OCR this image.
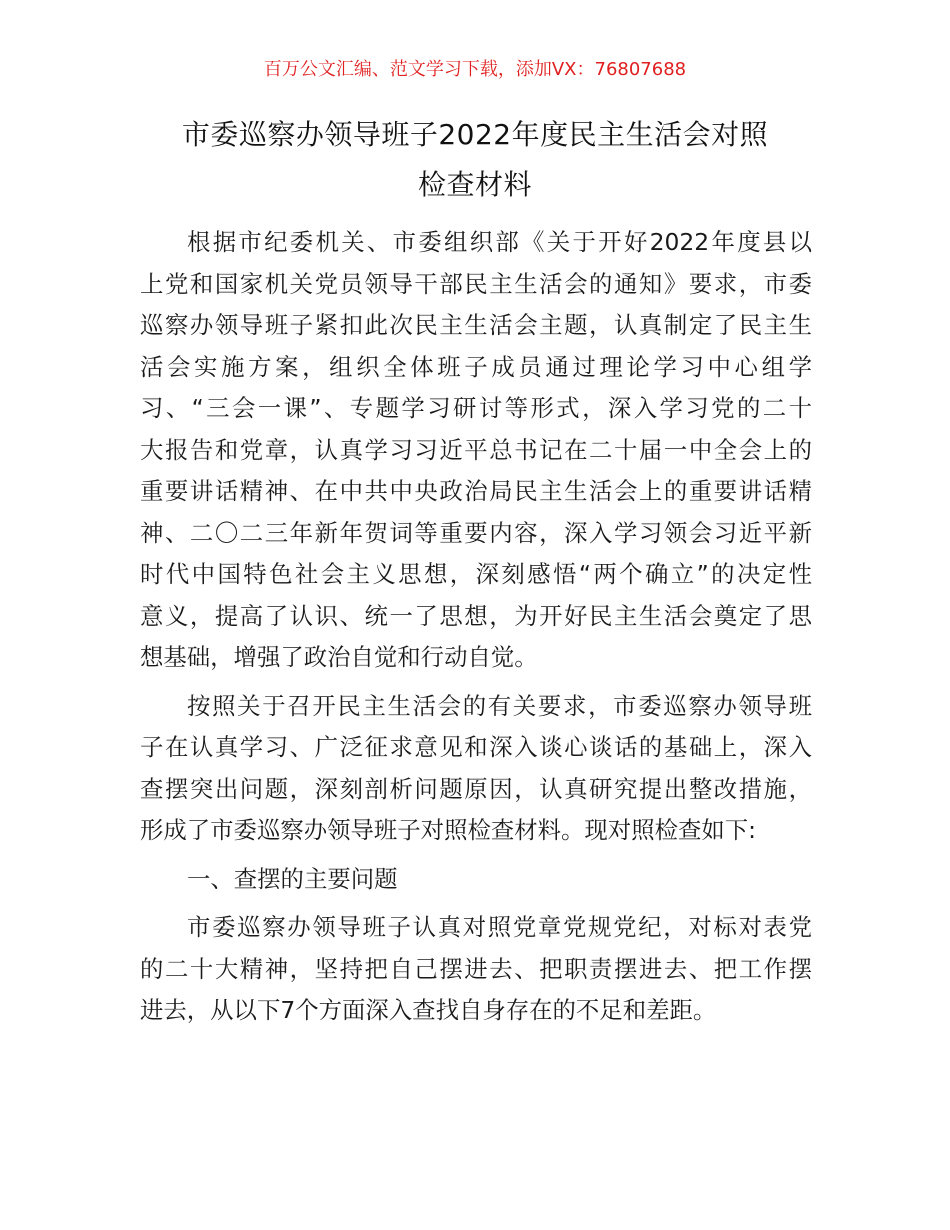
百万公文汇编、范文学习下载，添加VX：76807688
市委巡察办领导班子2022年度民主生活会对照
检查材料

根据市纪委机关、市委组织部《关于开好2022年度县以
上党和国家机关党员领导干部民主生活会的通知》要求，市委
巡察办领导班子紧扣此次民主生活会主题，认真制定了民主生
活会实施方案，组织全体班子成员通过理论学习中心组学
习、“三会一课”、专题学习研讨等形式，深入学习党的二十
大报告和党章，认真学习习近平总书记在二十届一中全会上的
重要讲话精神、在中共中央政治局民主生活会上的重要讲话精
神、二〇二三年新年贺词等重要内容，深入学习领会习近平新
时代中国特色社会主义思想，深刻感悟“两个确立”的决定性
意义，提高了认识、统一了思想，为开好民主生活会奠定了思
想基础，增强了政治自觉和行动自觉。

按照关于召开民主生活会的有关要求，市委巡察办领导班
子在认真学习、广泛征求意见和深入谈心谈话的基础上，深入
查摆突出问题，深刻剖析问题原因，认真研究提出整改措施，
形成了市委巡察办领导班子对照检查材料。现对照检查如下:

一、查摆的主要问题

市委巡察办领导班子认真对照党章党规党纪，对标对表党
的二十大精神，坚持把自己摆进去、把职责摆进去、把工作摆
进去，从以下7个方面深入查找自身存在的不足和差距。
